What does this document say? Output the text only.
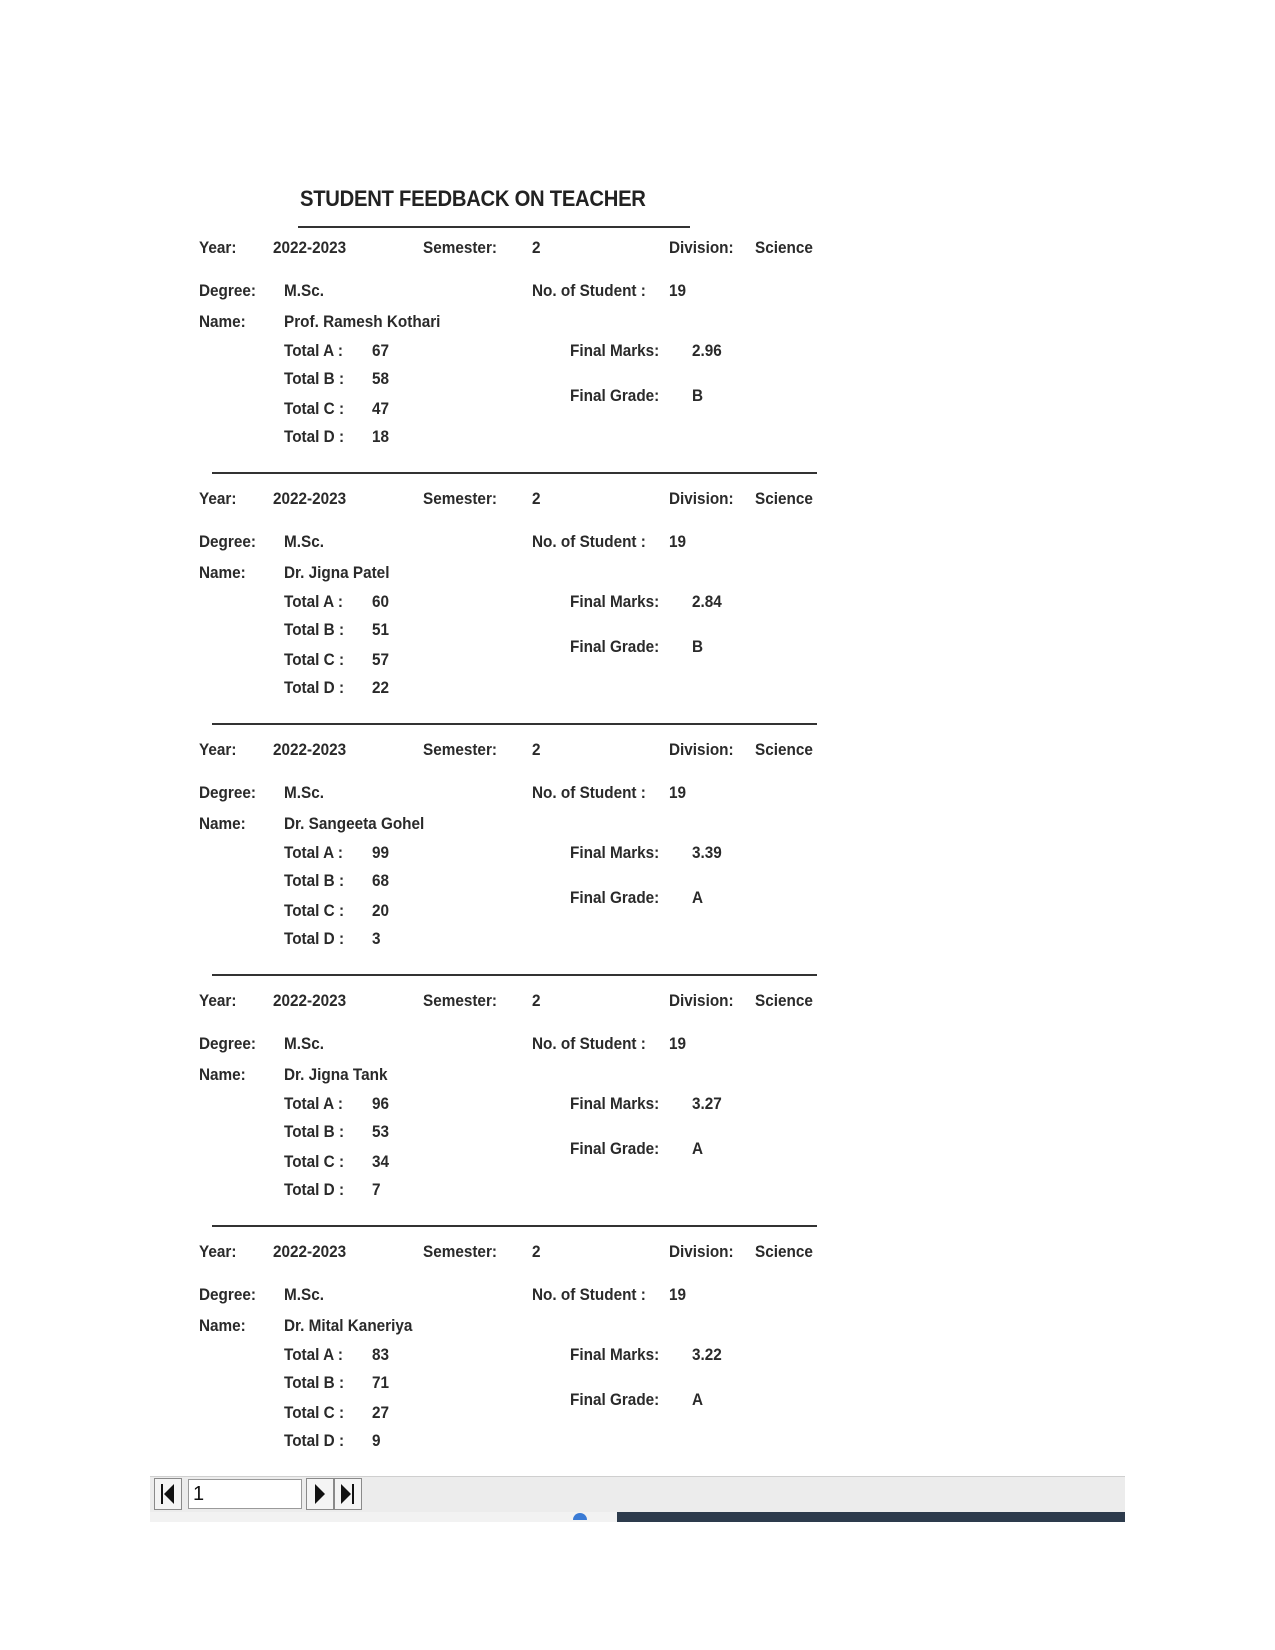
STUDENT FEEDBACK ON TEACHER
Year: 2022-2023	Semester: 2	Division: Science
Degree: M.Sc.	No. of Student : 19
Name: Prof. Ramesh Kothari
Total A : 67
Total B : 58
Total C : 47
Total D : 18
Final Marks: 2.96
Final Grade: B
Year: 2022-2023	Semester: 2	Division: Science
Degree: M.Sc.	No. of Student : 19
Name: Dr. Jigna Patel
Total A : 60
Total B : 51
Total C : 57
Total D : 22
Final Marks: 2.84
Final Grade: B
Year: 2022-2023	Semester: 2	Division: Science
Degree: M.Sc.	No. of Student : 19
Name: Dr. Sangeeta Gohel
Total A : 99
Total B : 68
Total C : 20
Total D : 3
Final Marks: 3.39
Final Grade: A
Year: 2022-2023	Semester: 2	Division: Science
Degree: M.Sc.	No. of Student : 19
Name: Dr. Jigna Tank
Total A : 96
Total B : 53
Total C : 34
Total D : 7
Final Marks: 3.27
Final Grade: A
Year: 2022-2023	Semester: 2	Division: Science
Degree: M.Sc.	No. of Student : 19
Name: Dr. Mital Kaneriya
Total A : 83
Total B : 71
Total C : 27
Total D : 9
Final Marks: 3.22
Final Grade: A
1
